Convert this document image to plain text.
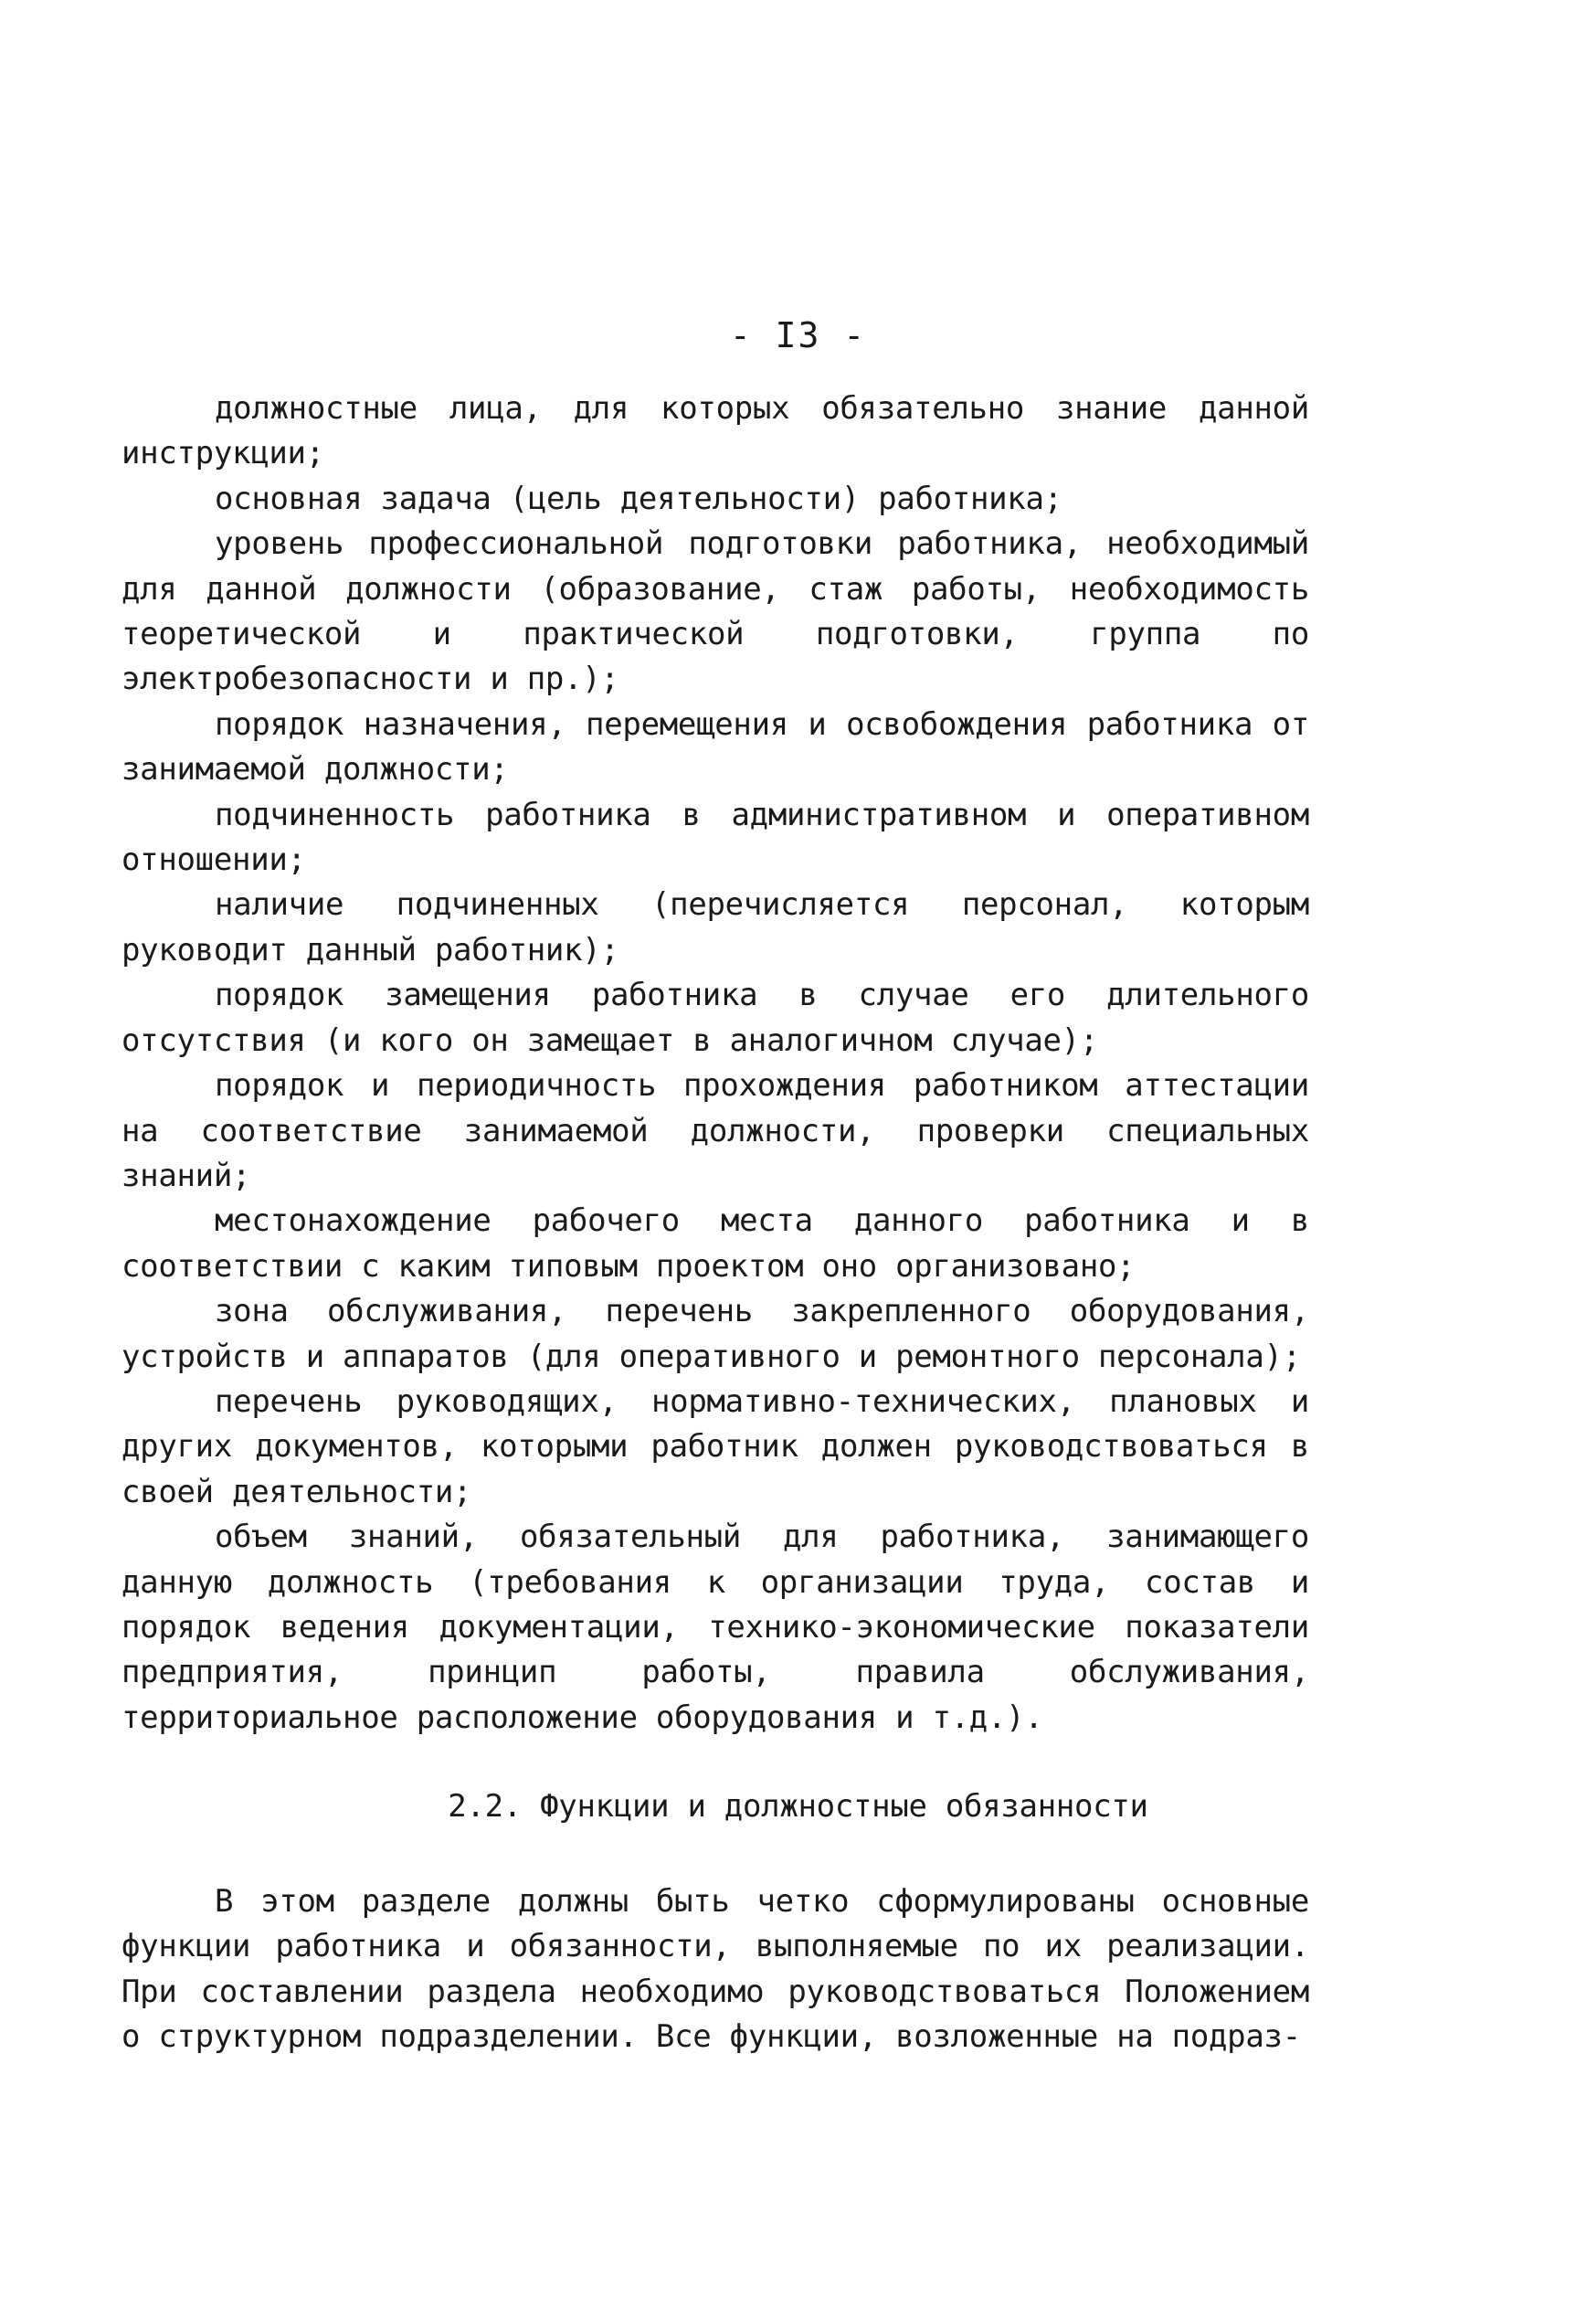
- I3 -

должностные лица, для которых обязательно знание данной инструкции;

основная задача (цель деятельности) работника;

уровень профессиональной подготовки работника, необходимый для данной должности (образование, стаж работы, необходимость теоретической и практической подготовки, группа по электробезопасности и пр.);

порядок назначения, перемещения и освобождения работника от занимаемой должности;

подчиненность работника в административном и оперативном отношении;

наличие подчиненных (перечисляется персонал, которым руководит данный работник);

порядок замещения работника в случае его длительного отсутствия (и кого он замещает в аналогичном случае);

порядок и периодичность прохождения работником аттестации на соответствие занимаемой должности, проверки специальных знаний;

местонахождение рабочего места данного работника и в соответствии с каким типовым проектом оно организовано;

зона обслуживания, перечень закрепленного оборудования, устройств и аппаратов (для оперативного и ремонтного персонала);

перечень руководящих, нормативно-технических, плановых и других документов, которыми работник должен руководствоваться в своей деятельности;

объем знаний, обязательный для работника, занимающего данную должность (требования к организации труда, состав и порядок ведения документации, технико-экономические показатели предприятия, принцип работы, правила обслуживания, территориальное расположение оборудования и т.д.).

2.2. Функции и должностные обязанности

В этом разделе должны быть четко сформулированы основные функции работника и обязанности, выполняемые по их реализации. При составлении раздела необходимо руководствоваться Положением о структурном подразделении. Все функции, возложенные на подраз-
